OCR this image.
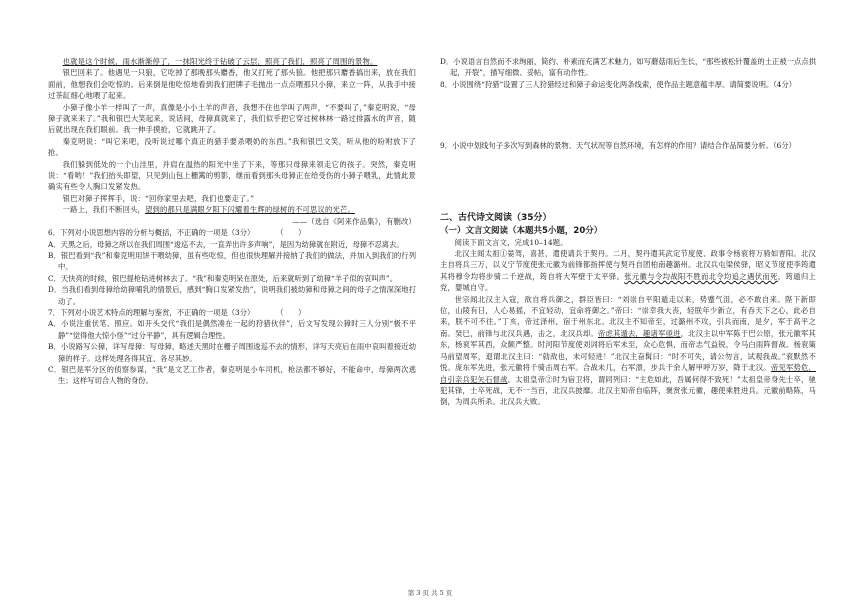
也就是这个时候，雨水渐渐停了，一抹阳光终于钻破了云层，照亮了我们，照亮了周围的景物。

银巴回来了。他遇见一只狼，它吃掉了那晚那头麝香，他又打死了那头狼。他把那只麝香搞出来，放在我们面前，他想我们会吃惊的。后来倒是他吃惊地看到我们把牌子毛抛出一点点喂那只小獐，来立一阵，从我手中接过茶缸细心地喂了起来。

小獐子像小羊一样叫了一声，真像是小小土羊的声音，我想不住也学叫了两声，“不要叫了，”秦克明说，“母獐子就来来了。”我和银巴大笑起来，说话间，母獐真就来了，我们似乎把它穿过树林林一路过排露水的声音，随后就出现在我们眼前。我一伸手摸抢，它就跳开了。

秦克明说：“叫它来吧，没听说过哪个真正的猎手要杀喂奶的东西。”我和银巴文笑，听从他的吩咐放下了抢。

我们躲到低处的一个山洼里，并肩在温热的阳光中坐了下来，等那只母獐来领走它的孩子。突然，秦克明说：“看哟！”我们抬头即望，只见到山包上栅篱的剪影，继而看到那头母獐正在给受伤的小獐子喂乳，此情此景确实有些令人胸口发紧发热。

银巴对獐子挥挥手，说：“回你家里去吧，我们也要走了。”

一路上，我们不断回头，望到的都只是满眼夕阳下闪耀着生辉的绿树的不可思议的光芒。

——（选自《阿来作品集》，有删改）

6．下列对小说思想内容的分析与概括，不正确的一项是（3分）　　　　（　　）

A．天黑之后，母獐之所以在我们周围“逡巡不去，一直弄出许多声响”，是因为幼獐就在附近，母獐不忍离去。

B．银巴看到“我”和秦克明用饼干喂幼獐，虽有些吃惊，但也很快理解并接纳了我们的做法，并加入到我们的行列中。

C．天快亮的时候，银巴提枪钻进树林去了。“我”和秦克明呆在原处，后来就听到了幼獐“羊子似的哀叫声”。

D．当我们看到母獐给幼獐哺乳的情景后，感到“胸口发紧发热”，说明我们被幼獐和母獐之间的母子之情深深地打动了。

7．下列对小说艺术特点的理解与鉴赏，不正确的一项是（3分）　　　　（　　）

A．小说注重伏笔、照应。如开头交代“我们是偶然凑在一起的狩猎伙伴”，后文写发现公獐时三人分别“极不平静”“觉得他大惊小怪”“过分平静”，具有逻辑合理性。

B．小说路写公獐，详写母獐：写母獐，略述天黑时在栅子周围逡巡不去的情形，详写天亮后在雨中哀叫着接近幼獐的样子。这样处理各得其宜、各尽其妙。

C．银巴是军分区的侦察参谋，“我”是文艺工作者，秦克明是小车司机，枪法都不够好，不能命中，母獐两次逃生；这样写切合人物的身份。

D．小说语言自然而不求绚丽，简约、朴素而充满艺术魅力，如写蘑菇雨后生长，“那些被松针覆盖的土正被一点点拱起，开裂”，描写细微、妥帖，富有动作性。

8．小说围绕“狩猎”设置了三人狩猎经过和獐子命运变化两条线索，使作品主题意蕴丰厚。请简要说明。（4分）

9．小说中划线句子多次写到森林的景物、天气状况等自然环境，有怎样的作用？请结合作品简要分析。（6分）

二、古代诗文阅读（35分）

（一）文言文阅读（本题共5小题，20分）

阅读下面文言文，完成10–14题。

北汉主闻太祖①晏驾，喜甚，遣使请兵于契丹。二月，契丹遣其武定节度使、政事令杨衮将万骑如晋阳。北汉主自将兵三万，以义宁节度使张元徽为前锋都指挥使与契丹自团柏南趣潞州。北汉兵屯梁侯驿，昭义节度使李筠遣其将穆令均将步骑二千逆战，筠自将大军壁于太平驿。张元徽与令均战阳不胜而北令均追之遇伏而死，筠遁归上党，婴城自守。

世宗闻北汉主入寇，欲自将兵御之，群臣皆曰：“刘崇自平阳遁走以来，势蹙气沮，必不敢自来。陛下新即位，山陵有日，人心易摇，不宜轻动，宜命将御之。”帝曰：“崇幸我大丧，轻朕年少新立，有吞天下之心，此必自来，朕不可不往。”丁亥，帝过泽州，宿于州东北。北汉主不知帝至，过潞州不攻，引兵而南，是夕，军于高平之南。癸巳，前锋与北汉兵遇，击之，北汉兵却。帝虑其遁去，趣诸军亟进，北汉主以中军陈于巴公原，张元徽军其东，杨衮军其西，众颇严整。时河阳节度使刘词将后军未至，众心危惧，而帝志气益锐，令马白雨阵督战。杨衮策马前望周军，退谓北汉主曰：“勍敌也，未可轻进！”北汉主奋髯曰：“时不可失，请公勿言，试观我战。”衮默然不悦。庞东军先进，张元徽将千骑击周右军。合战未几，右军溃，步兵千余人解甲呼万岁，降于北汉。帝见军势危，自引亲兵犯矢石督战。太祖皇帝②时为宿卫将，谓同列曰：“主危如此，吾属何得不致死！”太祖皇帝身先士卒，驰犯其锋，士卒死战，无不一当百，北汉兵披靡。北汉主知帝自临阵，褒赏张元徽，趣使乘胜进兵。元徽前略陈，马倒，为周兵所杀。北汉兵大败。

第 3 页 共 5 页
